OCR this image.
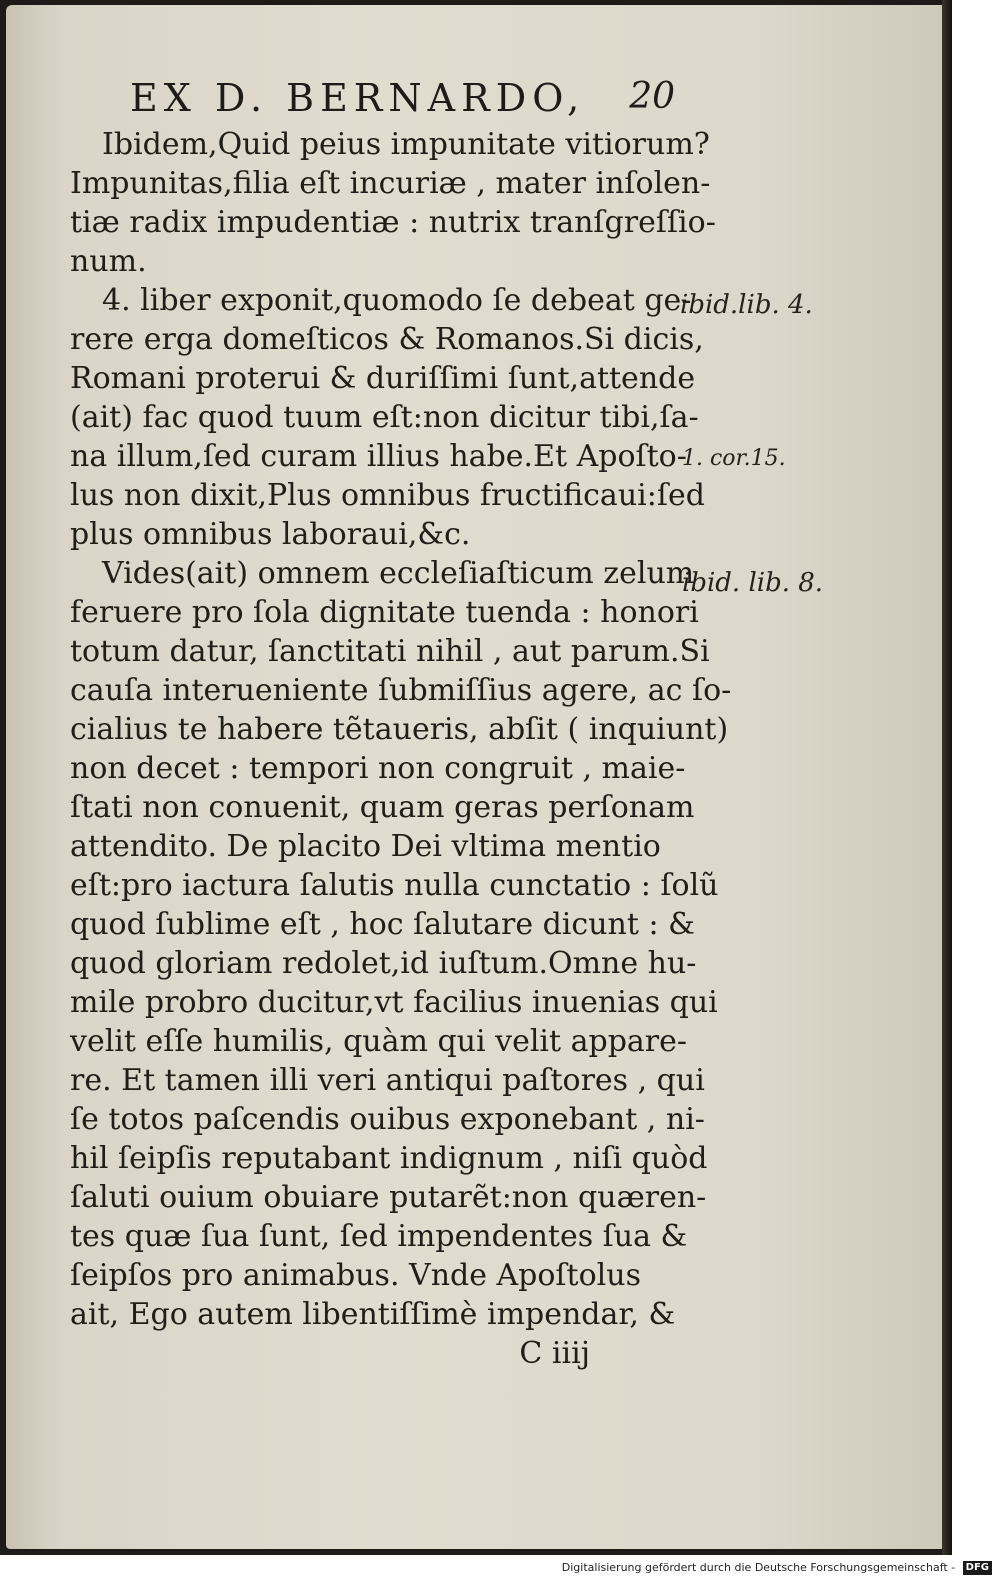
EX D. BERNARDO, 20
Ibidem,Quid peius impunitate vitiorum?
Impunitas,filia eſt incuriæ , mater inſolen-
tiæ radix impudentiæ : nutrix tranſgreſſio-
num.
4. liber exponit,quomodo ſe debeat ge-
rere erga domeſticos & Romanos.Si dicis,
Romani proterui & duriſſimi ſunt,attende
(ait) fac quod tuum eſt:non dicitur tibi,ſa-
na illum,ſed curam illius habe.Et Apoſto-
lus non dixit,Plus omnibus fructificaui:ſed
plus omnibus laboraui,&c.
Vides(ait) omnem eccleſiaſticum zelum
feruere pro ſola dignitate tuenda : honori
totum datur, ſanctitati nihil , aut parum.Si
cauſa interueniente ſubmiſſius agere, ac ſo-
cialius te habere tẽtaueris, abſit ( inquiunt)
non decet : tempori non congruit , maie-
ſtati non conuenit, quam geras perſonam
attendito. De placito Dei vltima mentio
eſt:pro iactura ſalutis nulla cunctatio : ſolũ
quod ſublime eſt , hoc ſalutare dicunt : &
quod gloriam redolet,id iuſtum.Omne hu-
mile probro ducitur,vt facilius inuenias qui
velit eſſe humilis, quàm qui velit appare-
re. Et tamen illi veri antiqui paſtores , qui
ſe totos paſcendis ouibus exponebant , ni-
hil ſeipſis reputabant indignum , niſi quòd
ſaluti ouium obuiare putarẽt:non quæren-
tes quæ ſua ſunt, ſed impendentes ſua &
ſeipſos pro animabus. Vnde Apoſtolus
ait, Ego autem libentiſſimè impendar, &
C iiij
ibid.lib. 4.
1. cor.15.
ibid. lib. 8.
Digitalisierung gefördert durch die Deutsche Forschungsgemeinschaft - DFG
